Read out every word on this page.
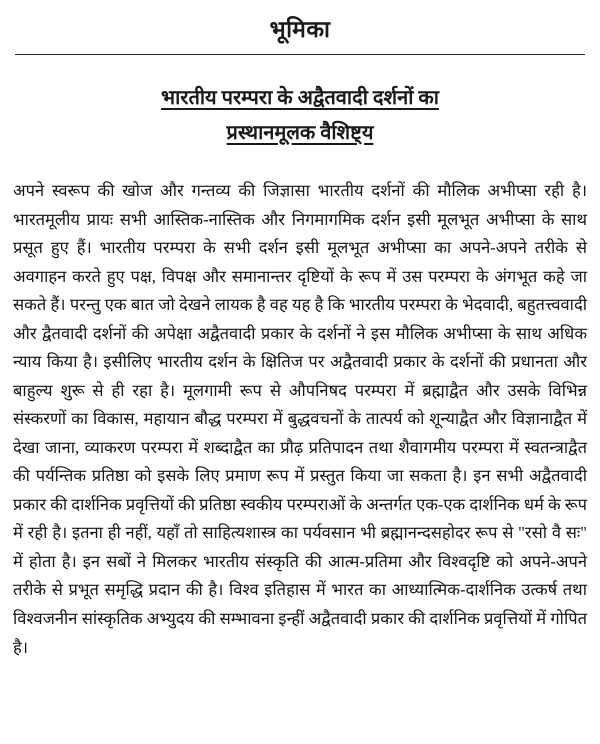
भूमिका
भारतीय परम्परा के अद्वैतवादी दर्शनों का
प्रस्थानमूलक वैशिष्ट्य

अपने स्वरूप की खोज और गन्तव्य की जिज्ञासा भारतीय दर्शनों की मौलिक अभीप्सा रही है। भारतमूलीय प्रायः सभी आस्तिक-नास्तिक और निगमागमिक दर्शन इसी मूलभूत अभीप्सा के साथ प्रसूत हुए हैं। भारतीय परम्परा के सभी दर्शन इसी मूलभूत अभीप्सा का अपने-अपने तरीके से अवगाहन करते हुए पक्ष, विपक्ष और समानान्तर दृष्टियों के रूप में उस परम्परा के अंगभूत कहे जा सकते हैं। परन्तु एक बात जो देखने लायक है वह यह है कि भारतीय परम्परा के भेदवादी, बहुतत्त्ववादी और द्वैतवादी दर्शनों की अपेक्षा अद्वैतवादी प्रकार के दर्शनों ने इस मौलिक अभीप्सा के साथ अधिक न्याय किया है। इसीलिए भारतीय दर्शन के क्षितिज पर अद्वैतवादी प्रकार के दर्शनों की प्रधानता और बाहुल्य शुरू से ही रहा है। मूलगामी रूप से औपनिषद परम्परा में ब्रह्माद्वैत और उसके विभिन्न संस्करणों का विकास, महायान बौद्ध परम्परा में बुद्धवचनों के तात्पर्य को शून्याद्वैत और विज्ञानाद्वैत में देखा जाना, व्याकरण परम्परा में शब्दाद्वैत का प्रौढ़ प्रतिपादन तथा शैवागमीय परम्परा में स्वतन्त्राद्वैत की पर्यन्तिक प्रतिष्ठा को इसके लिए प्रमाण रूप में प्रस्तुत किया जा सकता है। इन सभी अद्वैतवादी प्रकार की दार्शनिक प्रवृत्तियों की प्रतिष्ठा स्वकीय परम्पराओं के अन्तर्गत एक-एक दार्शनिक धर्म के रूप में रही है। इतना ही नहीं, यहाँ तो साहित्यशास्त्र का पर्यवसान भी ब्रह्मानन्दसहोदर रूप से "रसो वै सः" में होता है। इन सबों ने मिलकर भारतीय संस्कृति की आत्म-प्रतिमा और विश्वदृष्टि को अपने-अपने तरीके से प्रभूत समृद्धि प्रदान की है। विश्व इतिहास में भारत का आध्यात्मिक-दार्शनिक उत्कर्ष तथा विश्वजनीन सांस्कृतिक अभ्युदय की सम्भावना इन्हीं अद्वैतवादी प्रकार की दार्शनिक प्रवृत्तियों में गोपित है।
